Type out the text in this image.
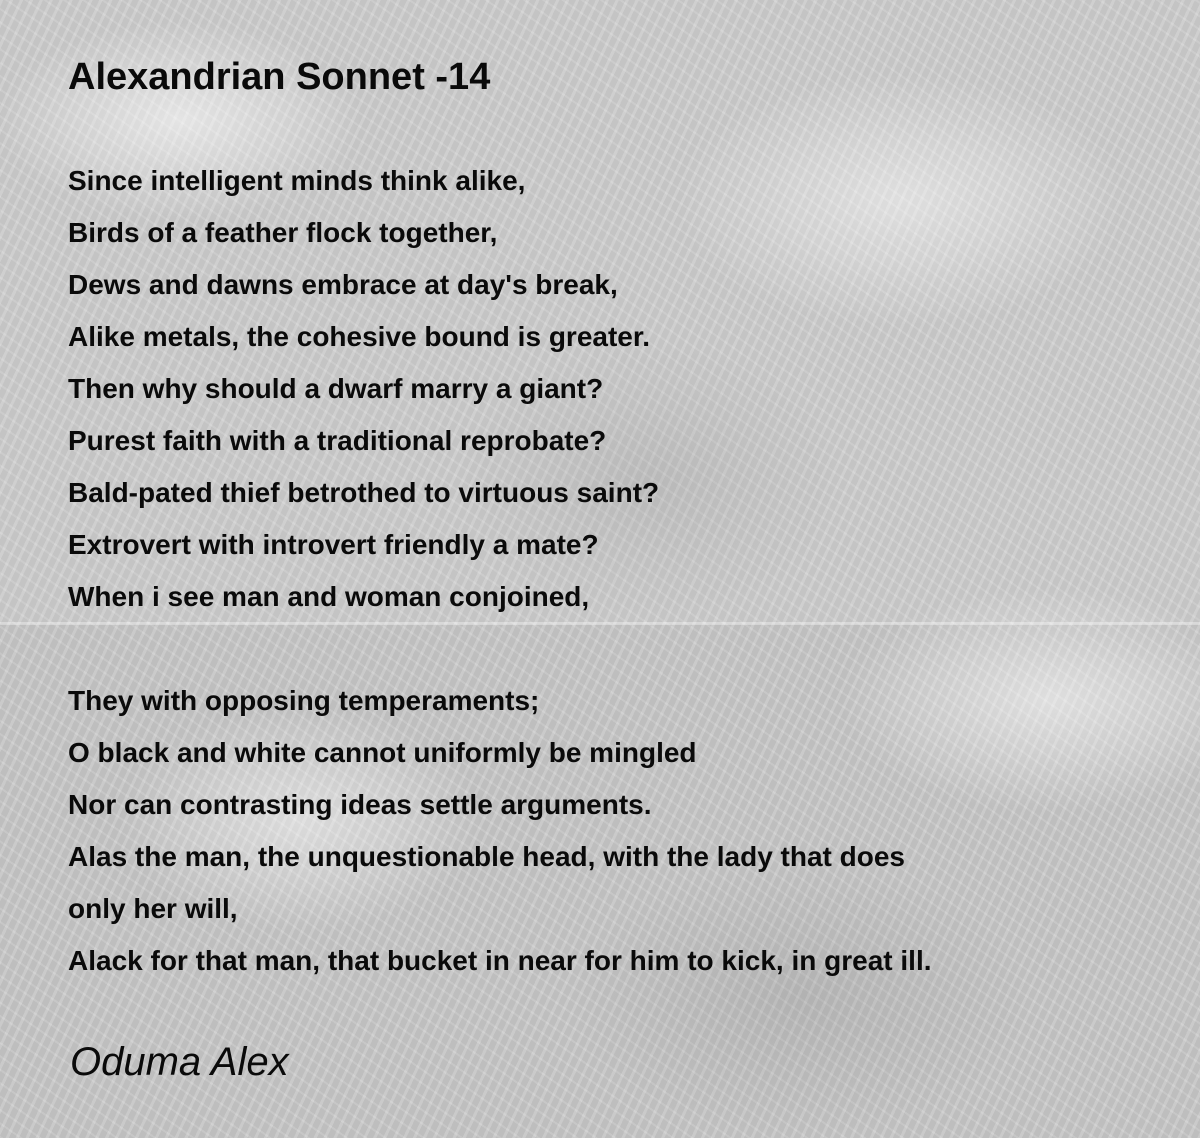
Alexandrian Sonnet -14
Since intelligent minds think alike,
Birds of a feather flock together,
Dews and dawns embrace at day's break,
Alike metals, the cohesive bound is greater.
Then why should a dwarf marry a giant?
Purest faith with a traditional reprobate?
Bald-pated thief betrothed to virtuous saint?
Extrovert with introvert friendly a mate?
When i see man and woman conjoined,
They with opposing temperaments;
O black and white cannot uniformly be mingled
Nor can contrasting ideas settle arguments.
Alas the man, the unquestionable head, with the lady that does
only her will,
Alack for that man, that bucket in near for him to kick, in great ill.
Oduma Alex
